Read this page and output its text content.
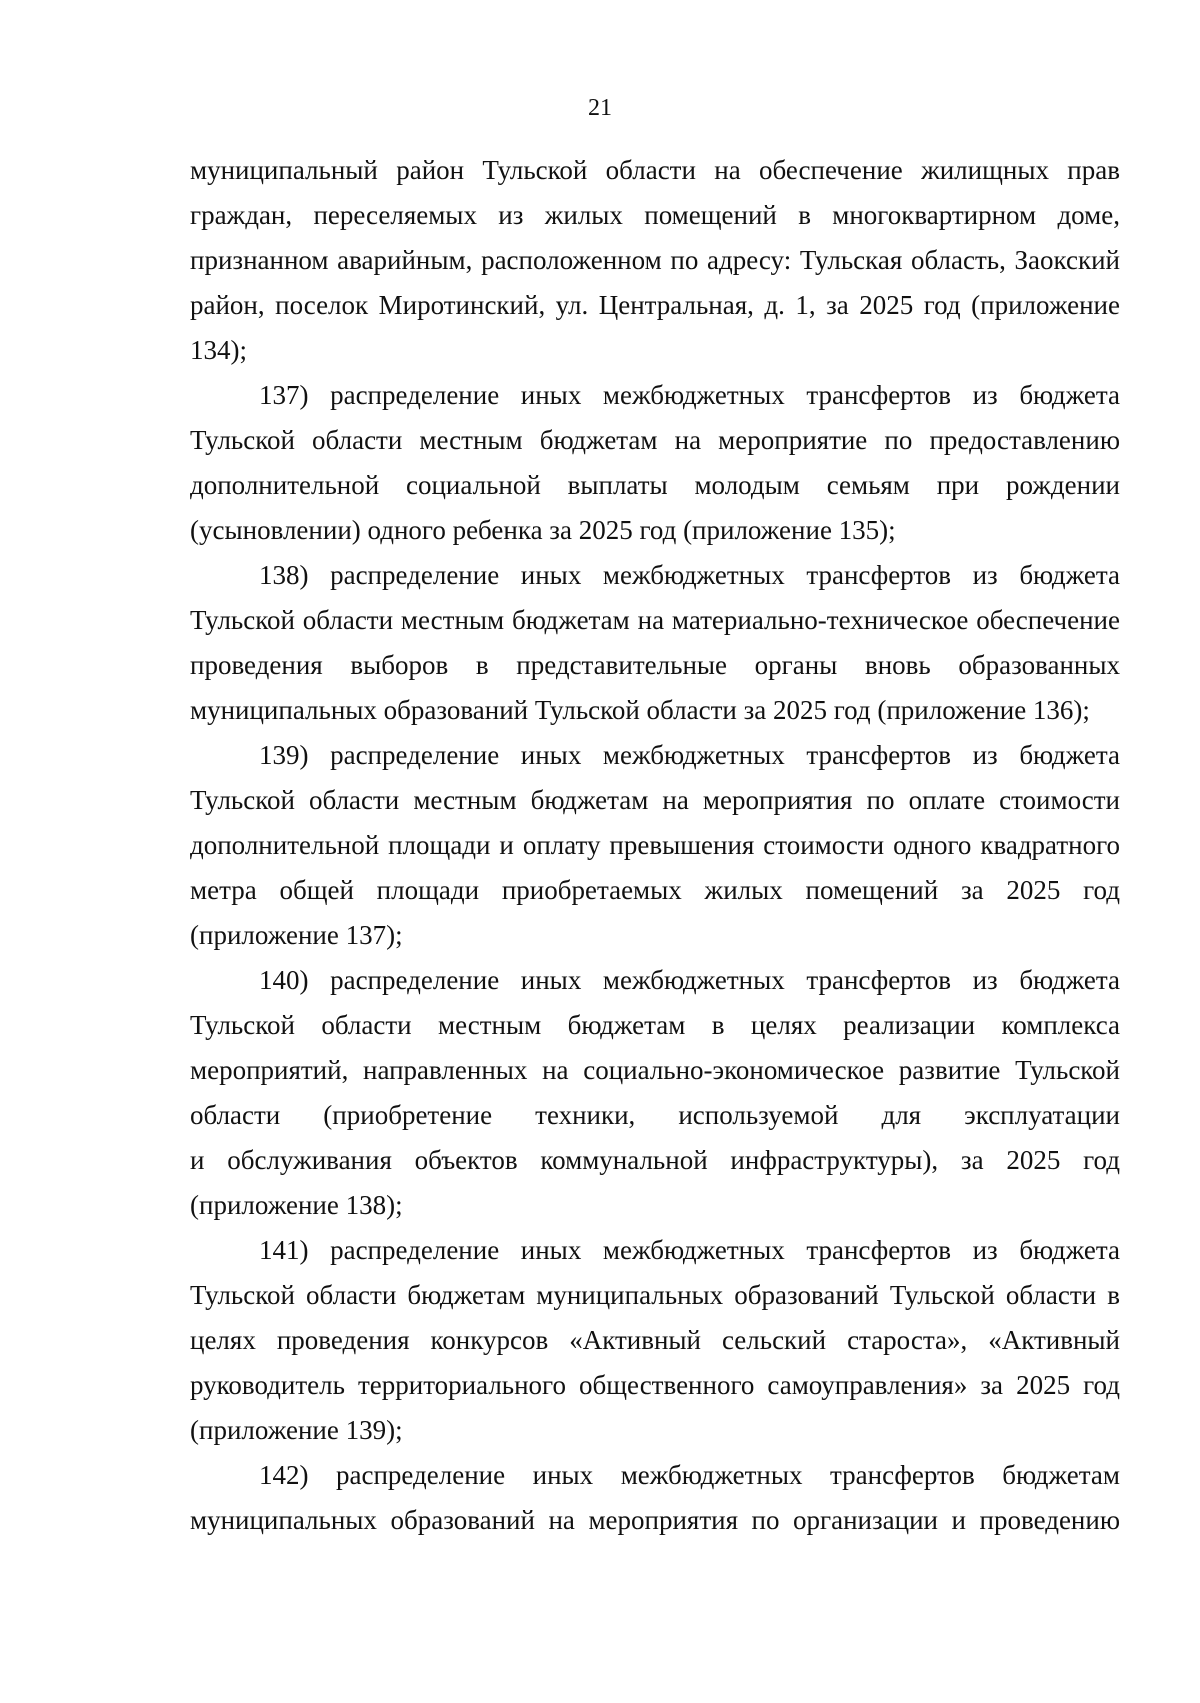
21
муниципальный район Тульской области на обеспечение жилищных прав
граждан, переселяемых из жилых помещений в многоквартирном доме,
признанном аварийным, расположенном по адресу: Тульская область, Заокский
район, поселок Миротинский, ул. Центральная, д. 1, за 2025 год (приложение
134);
137) распределение иных межбюджетных трансфертов из бюджета
Тульской области местным бюджетам на мероприятие по предоставлению
дополнительной социальной выплаты молодым семьям при рождении
(усыновлении) одного ребенка за 2025 год (приложение 135);
138) распределение иных межбюджетных трансфертов из бюджета
Тульской области местным бюджетам на материально-техническое обеспечение
проведения выборов в представительные органы вновь образованных
муниципальных образований Тульской области за 2025 год (приложение 136);
139) распределение иных межбюджетных трансфертов из бюджета
Тульской области местным бюджетам на мероприятия по оплате стоимости
дополнительной площади и оплату превышения стоимости одного квадратного
метра общей площади приобретаемых жилых помещений за 2025 год
(приложение 137);
140) распределение иных межбюджетных трансфертов из бюджета
Тульской области местным бюджетам в целях реализации комплекса
мероприятий, направленных на социально-экономическое развитие Тульской
области (приобретение техники, используемой для эксплуатации
и обслуживания объектов коммунальной инфраструктуры), за 2025 год
(приложение 138);
141) распределение иных межбюджетных трансфертов из бюджета
Тульской области бюджетам муниципальных образований Тульской области в
целях проведения конкурсов «Активный сельский староста», «Активный
руководитель территориального общественного самоуправления» за 2025 год
(приложение 139);
142) распределение иных межбюджетных трансфертов бюджетам
муниципальных образований на мероприятия по организации и проведению
